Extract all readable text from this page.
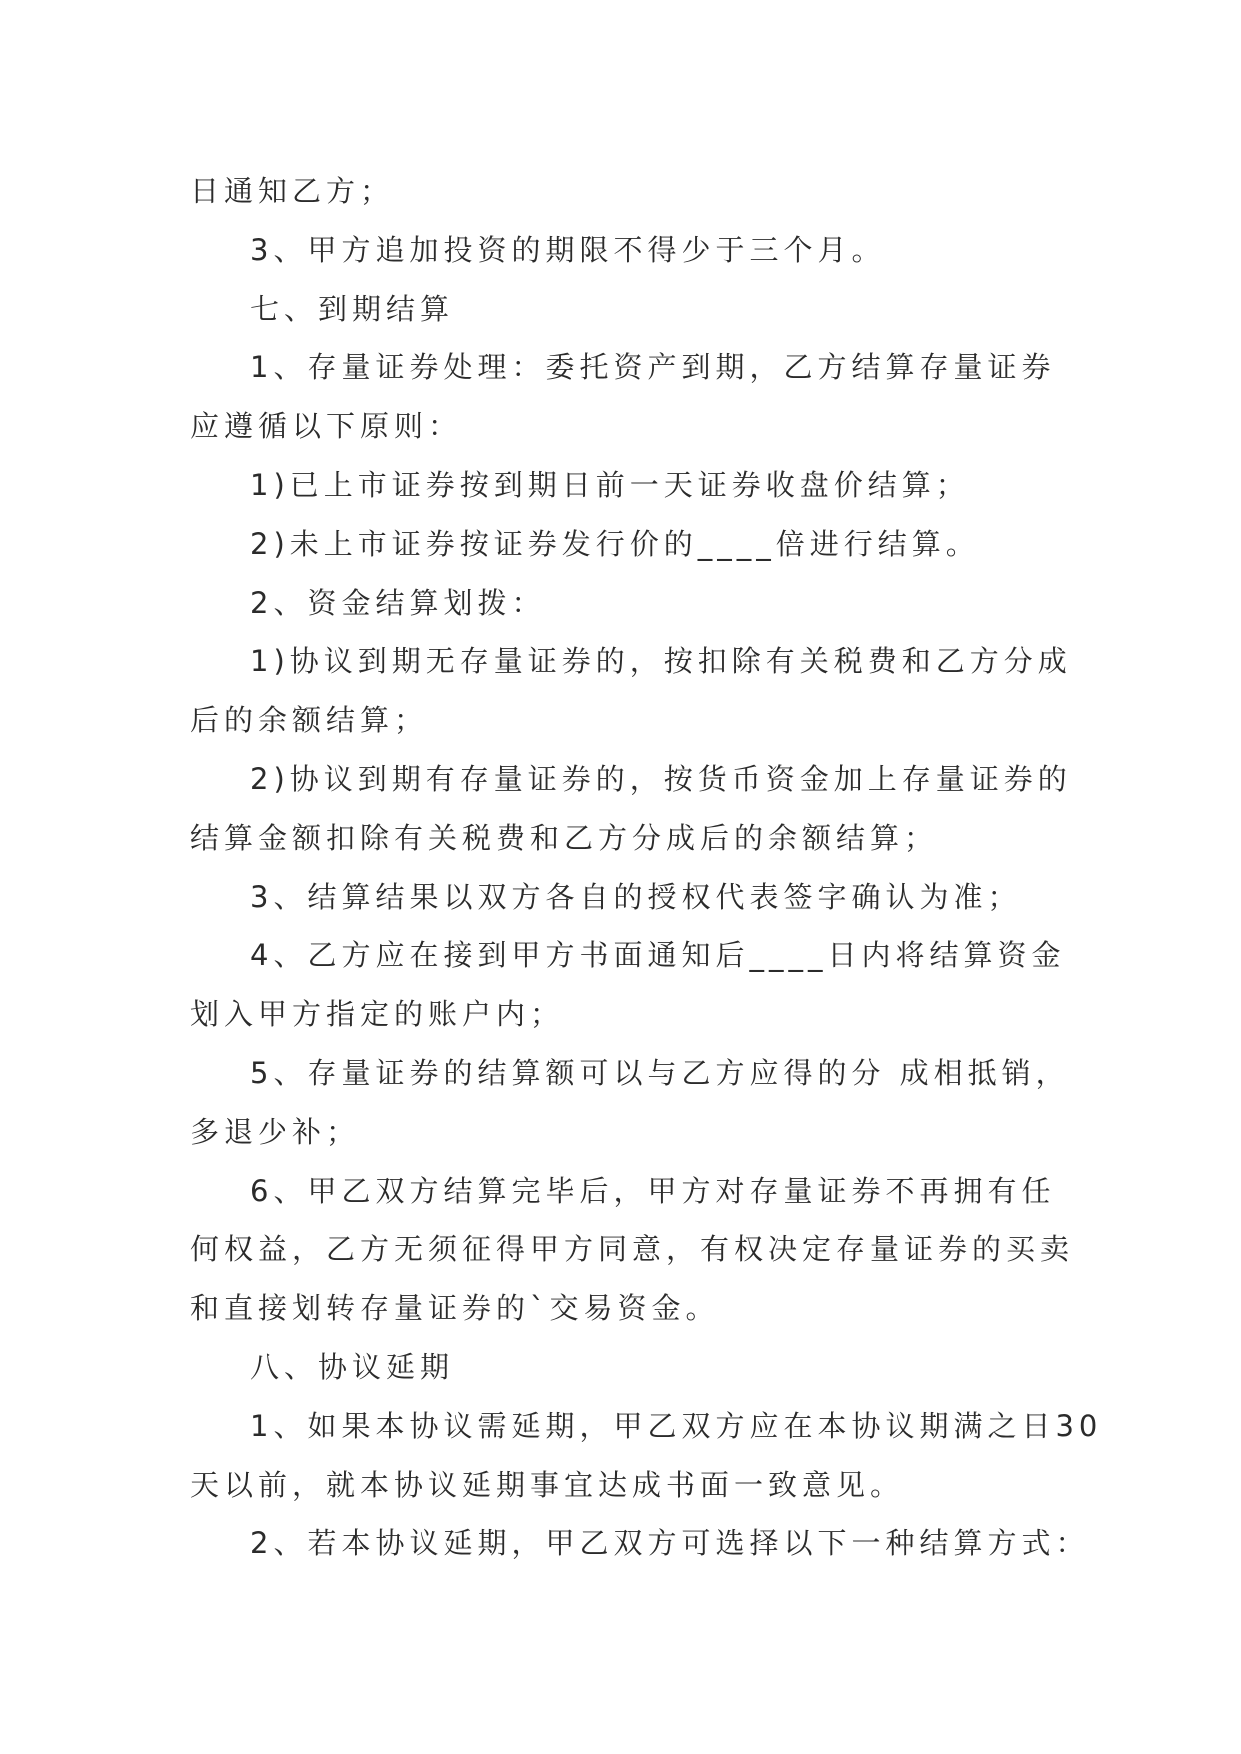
日通知乙方；

3、甲方追加投资的期限不得少于三个月。

七、到期结算

1、存量证券处理：委托资产到期，乙方结算存量证券

应遵循以下原则：

1)已上市证券按到期日前一天证券收盘价结算；

2)未上市证券按证券发行价的____倍进行结算。

2、资金结算划拨：

1)协议到期无存量证券的，按扣除有关税费和乙方分成

后的余额结算；

2)协议到期有存量证券的，按货币资金加上存量证券的

结算金额扣除有关税费和乙方分成后的余额结算；

3、结算结果以双方各自的授权代表签字确认为准；

4、乙方应在接到甲方书面通知后____日内将结算资金

划入甲方指定的账户内；

5、存量证券的结算额可以与乙方应得的分 成相抵销，

多退少补；

6、甲乙双方结算完毕后，甲方对存量证券不再拥有任

何权益，乙方无须征得甲方同意，有权决定存量证券的买卖

和直接划转存量证券的`交易资金。

八、协议延期

1、如果本协议需延期，甲乙双方应在本协议期满之日30

天以前，就本协议延期事宜达成书面一致意见。

2、若本协议延期，甲乙双方可选择以下一种结算方式：
